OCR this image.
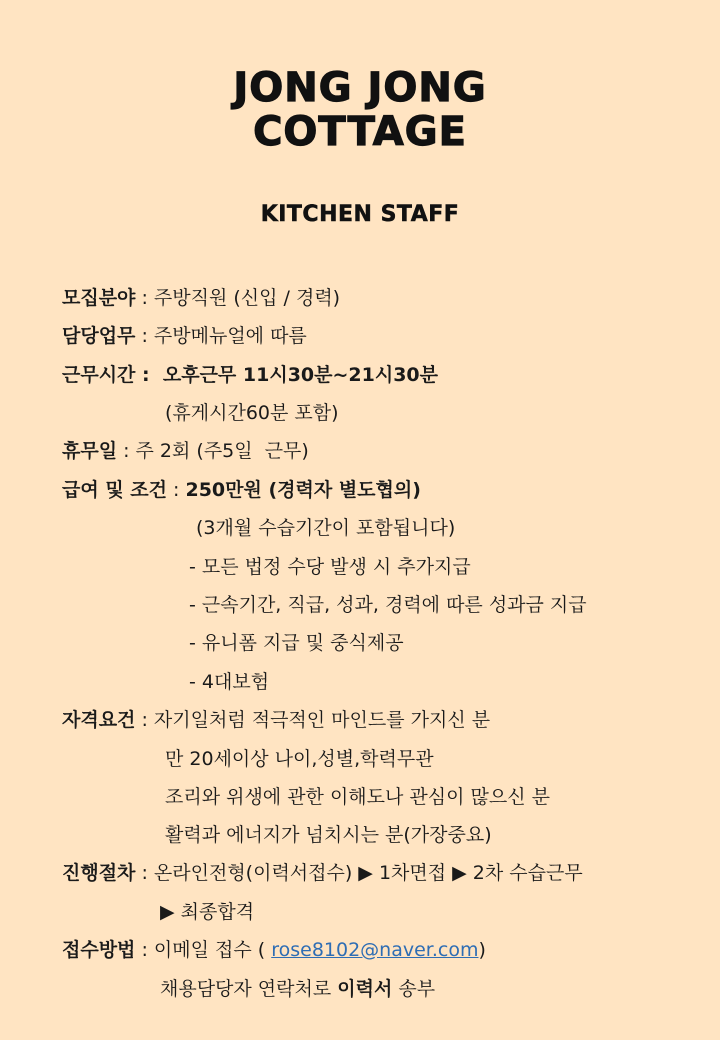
JONG JONG
COTTAGE
KITCHEN STAFF
모집분야 : 주방직원 (신입 / 경력)
담당업무 : 주방메뉴얼에 따름
근무시간 :  오후근무 11시30분~21시30분
(휴게시간60분 포함)
휴무일 : 주 2회 (주5일  근무)
급여 및 조건 : 250만원 (경력자 별도협의)
(3개월 수습기간이 포함됩니다)
- 모든 법정 수당 발생 시 추가지급
- 근속기간, 직급, 성과, 경력에 따른 성과금 지급
- 유니폼 지급 및 중식제공
- 4대보험
자격요건 : 자기일처럼 적극적인 마인드를 가지신 분
만 20세이상 나이,성별,학력무관
조리와 위생에 관한 이해도나 관심이 많으신 분
활력과 에너지가 넘치시는 분(가장중요)
진행절차 : 온라인전형(이력서접수) ▶ 1차면접 ▶ 2차 수습근무
▶ 최종합격
접수방법 : 이메일 접수 ( rose8102@naver.com)
채용담당자 연락처로 이력서 송부
